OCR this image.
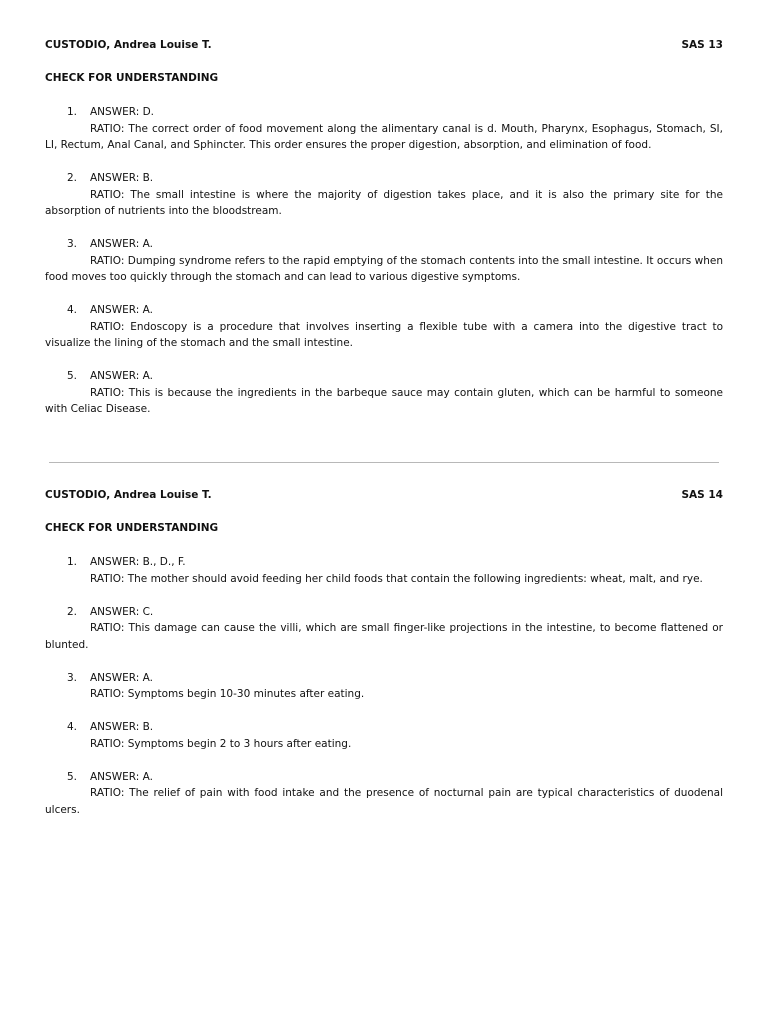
CUSTODIO, Andrea Louise T.	SAS 13
CHECK FOR UNDERSTANDING
1. ANSWER: D.
RATIO: The correct order of food movement along the alimentary canal is d. Mouth, Pharynx, Esophagus, Stomach, SI, LI, Rectum, Anal Canal, and Sphincter. This order ensures the proper digestion, absorption, and elimination of food.
2. ANSWER: B.
RATIO: The small intestine is where the majority of digestion takes place, and it is also the primary site for the absorption of nutrients into the bloodstream.
3. ANSWER: A.
RATIO: Dumping syndrome refers to the rapid emptying of the stomach contents into the small intestine. It occurs when food moves too quickly through the stomach and can lead to various digestive symptoms.
4. ANSWER: A.
RATIO: Endoscopy is a procedure that involves inserting a flexible tube with a camera into the digestive tract to visualize the lining of the stomach and the small intestine.
5. ANSWER: A.
RATIO: This is because the ingredients in the barbeque sauce may contain gluten, which can be harmful to someone with Celiac Disease.
CUSTODIO, Andrea Louise T.	SAS 14
CHECK FOR UNDERSTANDING
1. ANSWER: B., D., F.
RATIO: The mother should avoid feeding her child foods that contain the following ingredients: wheat, malt, and rye.
2. ANSWER: C.
RATIO: This damage can cause the villi, which are small finger-like projections in the intestine, to become flattened or blunted.
3. ANSWER: A.
RATIO: Symptoms begin 10-30 minutes after eating.
4. ANSWER: B.
RATIO: Symptoms begin 2 to 3 hours after eating.
5. ANSWER: A.
RATIO: The relief of pain with food intake and the presence of nocturnal pain are typical characteristics of duodenal ulcers.
